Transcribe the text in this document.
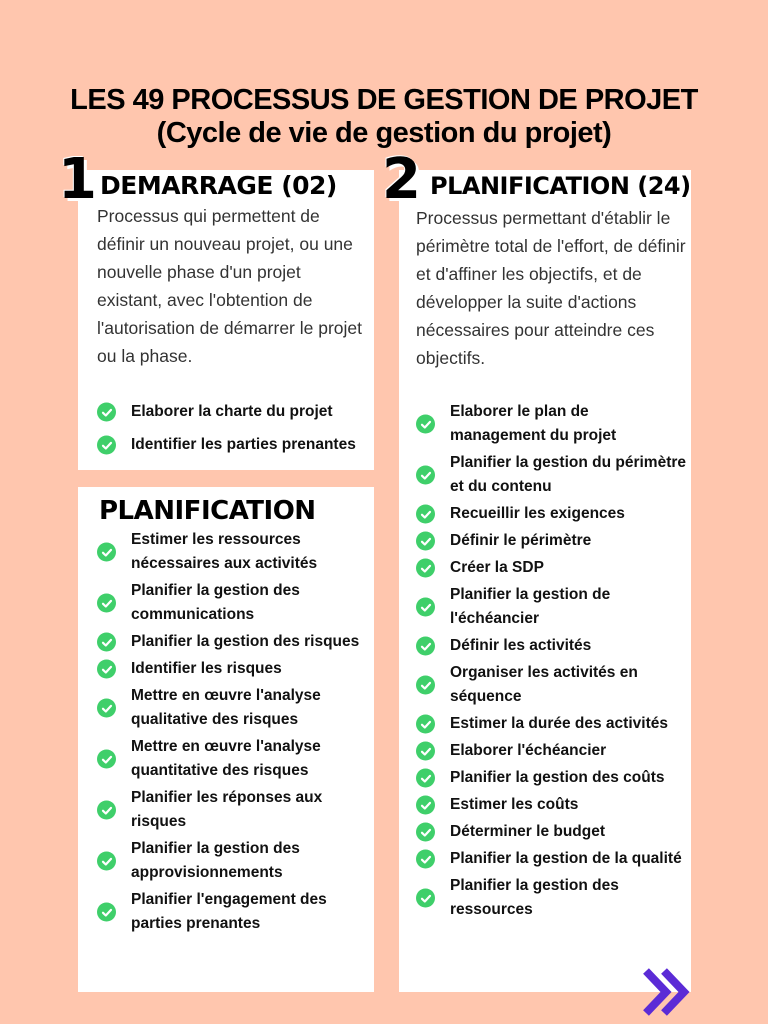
LES 49 PROCESSUS DE GESTION DE PROJET
(Cycle de vie de gestion du projet)
1	2
DEMARRAGE (02)	PLANIFICATION (24)
PLANIFICATION
Processus qui permettent de définir un nouveau projet, ou une nouvelle phase d'un projet existant, avec l'obtention de l'autorisation de démarrer le projet ou la phase.
Processus permettant d'établir le périmètre total de l'effort, de définir et d'affiner les objectifs, et de développer la suite d'actions nécessaires pour atteindre ces objectifs.
Elaborer la charte du projet
Identifier les parties prenantes
Elaborer le plan de management du projet
Planifier la gestion du périmètre et du contenu
Recueillir les exigences
Définir le périmètre
Créer la SDP
Planifier la gestion de l'échéancier
Définir les activités
Organiser les activités en séquence
Estimer la durée des activités
Elaborer l'échéancier
Planifier la gestion des coûts
Estimer les coûts
Déterminer le budget
Planifier la gestion de la qualité
Planifier la gestion des ressources
Estimer les ressources nécessaires aux activités
Planifier la gestion des communications
Planifier la gestion des risques
Identifier les risques
Mettre en œuvre l'analyse qualitative des risques
Mettre en œuvre l'analyse quantitative des risques
Planifier les réponses aux risques
Planifier la gestion des approvisionnements
Planifier l'engagement des parties prenantes
